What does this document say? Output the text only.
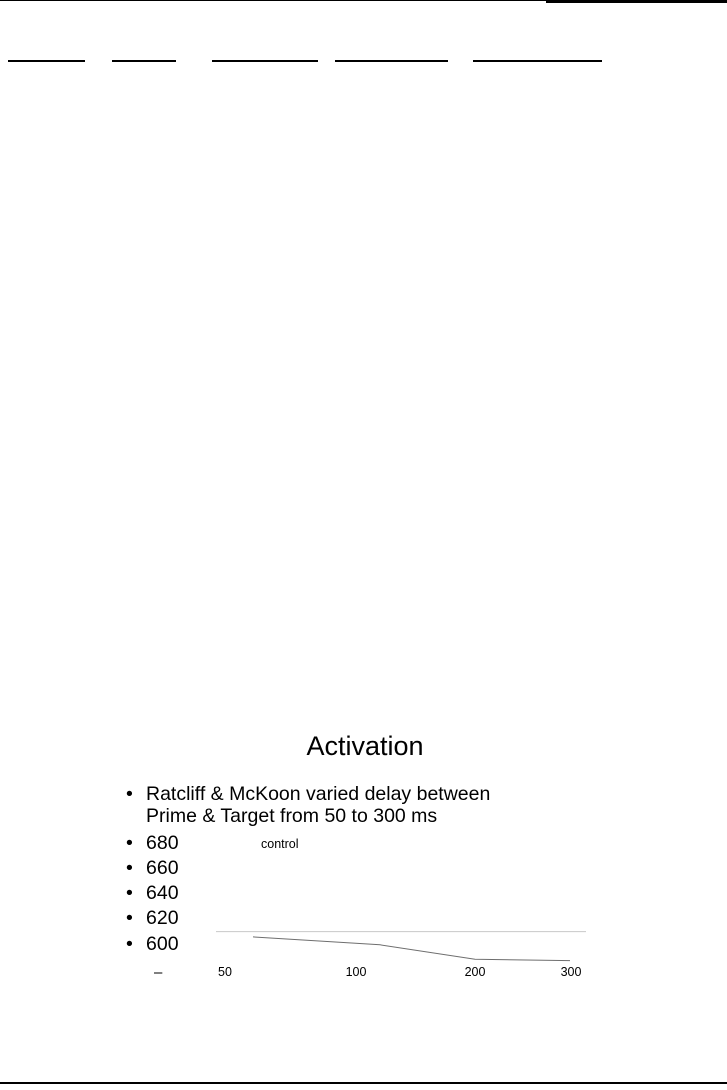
Activation
• Ratcliff & McKoon varied delay between
Prime & Target from 50 to 300 ms
• 680
• 660
• 640
• 620
• 600
control
–	50	100	200	300
